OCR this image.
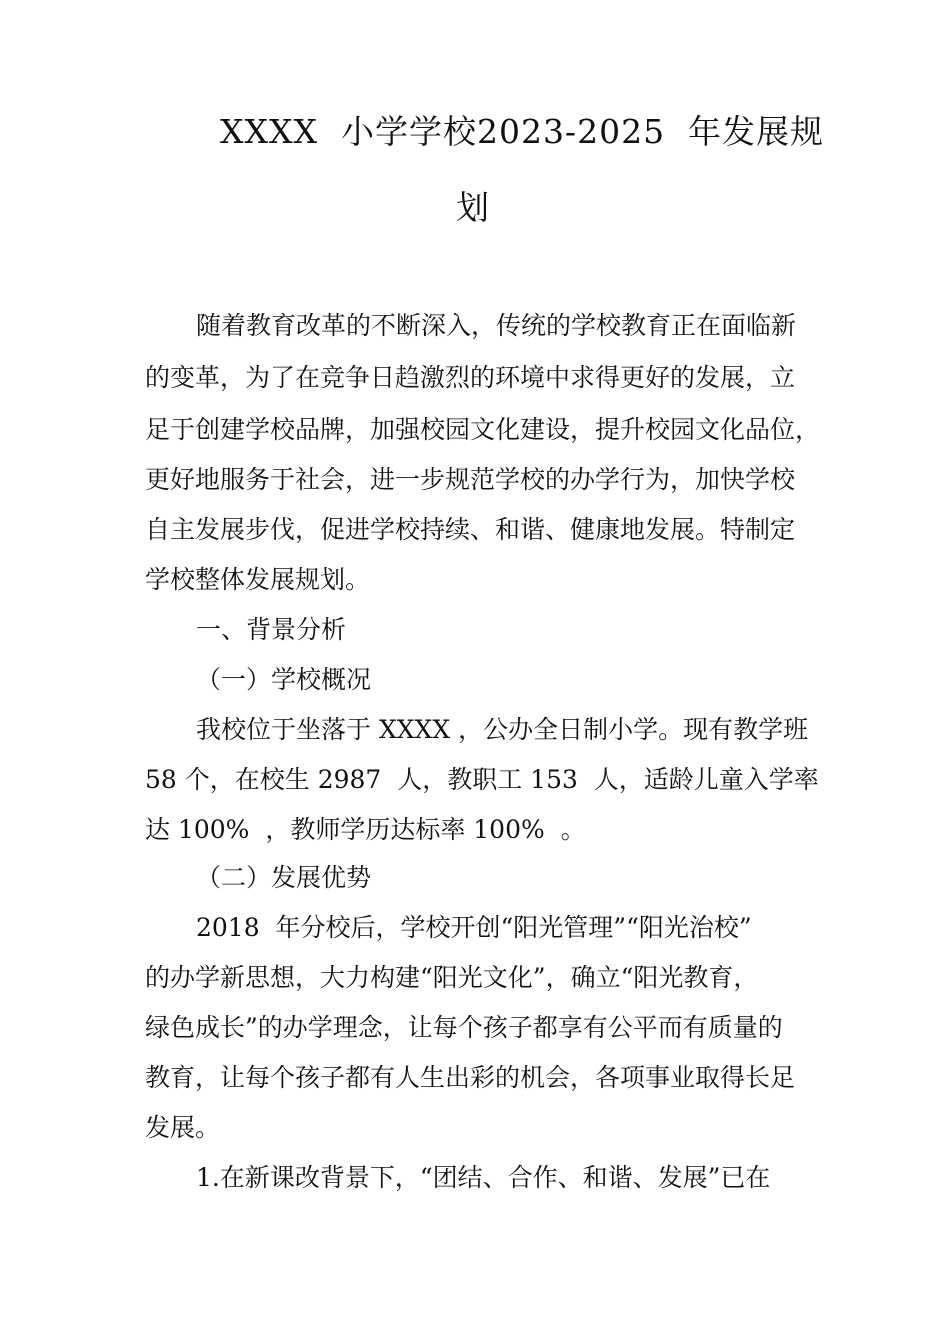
XXXX  小学学校2023-2025  年发展规
划
随着教育改革的不断深入，传统的学校教育正在面临新
的变革，为了在竞争日趋激烈的环境中求得更好的发展，立
足于创建学校品牌，加强校园文化建设，提升校园文化品位，
更好地服务于社会，进一步规范学校的办学行为，加快学校
自主发展步伐，促进学校持续、和谐、健康地发展。特制定
学校整体发展规划。
一、背景分析
（一）学校概况
我校位于坐落于 XXXX ，公办全日制小学。现有教学班
58 个，在校生 2987  人，教职工 153  人，适龄儿童入学率
达 100%  ，教师学历达标率 100%  。
（二）发展优势
2018  年分校后，学校开创“阳光管理”“阳光治校”
的办学新思想，大力构建“阳光文化”，确立“阳光教育，
绿色成长”的办学理念，让每个孩子都享有公平而有质量的
教育，让每个孩子都有人生出彩的机会，各项事业取得长足
发展。
1.在新课改背景下，“团结、合作、和谐、发展”已在
